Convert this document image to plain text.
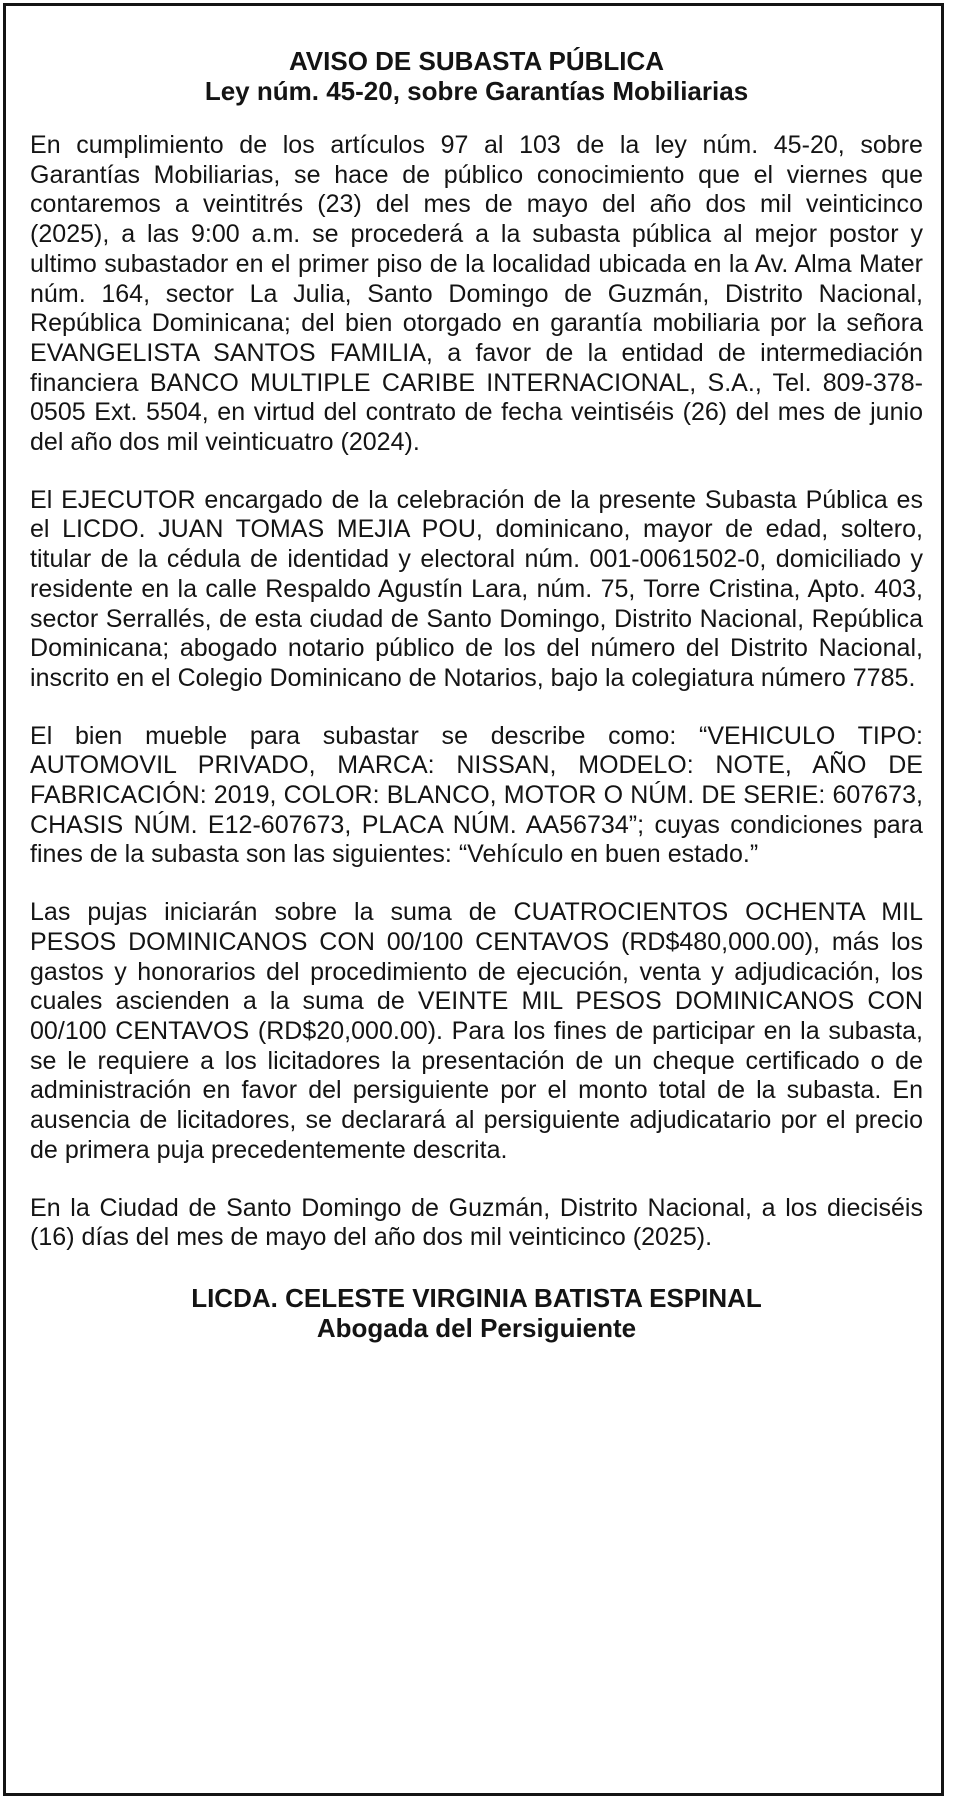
AVISO DE SUBASTA PÚBLICA
Ley núm. 45-20, sobre Garantías Mobiliarias

En cumplimiento de los artículos 97 al 103 de la ley núm. 45-20, sobre Garantías Mobiliarias, se hace de público conocimiento que el viernes que contaremos a veintitrés (23) del mes de mayo del año dos mil veinticinco (2025), a las 9:00 a.m. se procederá a la subasta pública al mejor postor y ultimo subastador en el primer piso de la localidad ubicada en la Av. Alma Mater núm. 164, sector La Julia, Santo Domingo de Guzmán, Distrito Nacional, República Dominicana; del bien otorgado en garantía mobiliaria por la señora EVANGELISTA SANTOS FAMILIA, a favor de la entidad de intermediación financiera BANCO MULTIPLE CARIBE INTERNACIONAL, S.A., Tel. 809-378-0505 Ext. 5504, en virtud del contrato de fecha veintiséis (26) del mes de junio del año dos mil veinticuatro (2024).

El EJECUTOR encargado de la celebración de la presente Subasta Pública es el LICDO. JUAN TOMAS MEJIA POU, dominicano, mayor de edad, soltero, titular de la cédula de identidad y electoral núm. 001-0061502-0, domiciliado y residente en la calle Respaldo Agustín Lara, núm. 75, Torre Cristina, Apto. 403, sector Serrallés, de esta ciudad de Santo Domingo, Distrito Nacional, República Dominicana; abogado notario público de los del número del Distrito Nacional, inscrito en el Colegio Dominicano de Notarios, bajo la colegiatura número 7785.

El bien mueble para subastar se describe como: “VEHICULO TIPO: AUTOMOVIL PRIVADO, MARCA: NISSAN, MODELO: NOTE, AÑO DE FABRICACIÓN: 2019, COLOR: BLANCO, MOTOR O NÚM. DE SERIE: 607673, CHASIS NÚM. E12-607673, PLACA NÚM. AA56734”; cuyas condiciones para fines de la subasta son las siguientes: “Vehículo en buen estado.”

Las pujas iniciarán sobre la suma de CUATROCIENTOS OCHENTA MIL PESOS DOMINICANOS CON 00/100 CENTAVOS (RD$480,000.00), más los gastos y honorarios del procedimiento de ejecución, venta y adjudicación, los cuales ascienden a la suma de VEINTE MIL PESOS DOMINICANOS CON 00/100 CENTAVOS (RD$20,000.00). Para los fines de participar en la subasta, se le requiere a los licitadores la presentación de un cheque certificado o de administración en favor del persiguiente por el monto total de la subasta. En ausencia de licitadores, se declarará al persiguiente adjudicatario por el precio de primera puja precedentemente descrita.

En la Ciudad de Santo Domingo de Guzmán, Distrito Nacional, a los dieciséis (16) días del mes de mayo del año dos mil veinticinco (2025).

LICDA. CELESTE VIRGINIA BATISTA ESPINAL
Abogada del Persiguiente
